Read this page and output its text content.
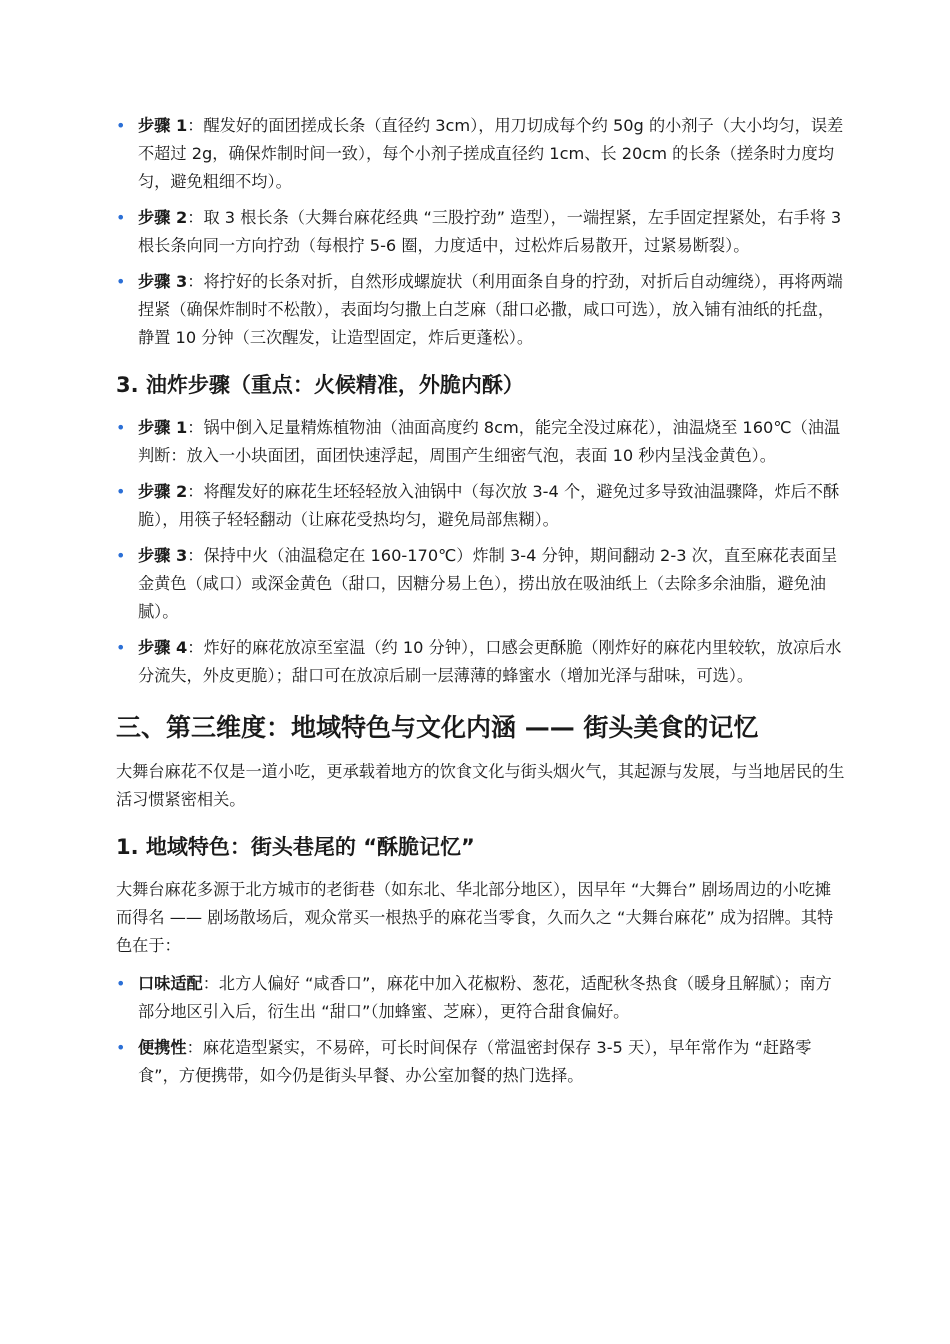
• 步骤 1：醒发好的面团搓成长条（直径约 3cm），用刀切成每个约 50g 的小剂子（大小均匀，误差不超过 2g，确保炸制时间一致），每个小剂子搓成直径约 1cm、长 20cm 的长条（搓条时力度均匀，避免粗细不均）。
• 步骤 2：取 3 根长条（大舞台麻花经典 “三股拧劲” 造型），一端捏紧，左手固定捏紧处，右手将 3 根长条向同一方向拧劲（每根拧 5-6 圈，力度适中，过松炸后易散开，过紧易断裂）。
• 步骤 3：将拧好的长条对折，自然形成螺旋状（利用面条自身的拧劲，对折后自动缠绕），再将两端捏紧（确保炸制时不松散），表面均匀撒上白芝麻（甜口必撒，咸口可选），放入铺有油纸的托盘，静置 10 分钟（三次醒发，让造型固定，炸后更蓬松）。
3. 油炸步骤（重点：火候精准，外脆内酥）
• 步骤 1：锅中倒入足量精炼植物油（油面高度约 8cm，能完全没过麻花），油温烧至 160℃（油温判断：放入一小块面团，面团快速浮起，周围产生细密气泡，表面 10 秒内呈浅金黄色）。
• 步骤 2：将醒发好的麻花生坯轻轻放入油锅中（每次放 3-4 个，避免过多导致油温骤降，炸后不酥脆），用筷子轻轻翻动（让麻花受热均匀，避免局部焦糊）。
• 步骤 3：保持中火（油温稳定在 160-170℃）炸制 3-4 分钟，期间翻动 2-3 次，直至麻花表面呈金黄色（咸口）或深金黄色（甜口，因糖分易上色），捞出放在吸油纸上（去除多余油脂，避免油腻）。
• 步骤 4：炸好的麻花放凉至室温（约 10 分钟），口感会更酥脆（刚炸好的麻花内里较软，放凉后水分流失，外皮更脆）；甜口可在放凉后刷一层薄薄的蜂蜜水（增加光泽与甜味，可选）。
三、第三维度：地域特色与文化内涵 —— 街头美食的记忆

大舞台麻花不仅是一道小吃，更承载着地方的饮食文化与街头烟火气，其起源与发展，与当地居民的生活习惯紧密相关。

1. 地域特色：街头巷尾的 “酥脆记忆”

大舞台麻花多源于北方城市的老街巷（如东北、华北部分地区），因早年 “大舞台” 剧场周边的小吃摊而得名 —— 剧场散场后，观众常买一根热乎的麻花当零食，久而久之 “大舞台麻花” 成为招牌。其特色在于：

• 口味适配：北方人偏好 “咸香口”，麻花中加入花椒粉、葱花，适配秋冬热食（暖身且解腻）；南方部分地区引入后，衍生出 “甜口”（加蜂蜜、芝麻），更符合甜食偏好。
• 便携性：麻花造型紧实，不易碎，可长时间保存（常温密封保存 3-5 天），早年常作为 “赶路零食”，方便携带，如今仍是街头早餐、办公室加餐的热门选择。
